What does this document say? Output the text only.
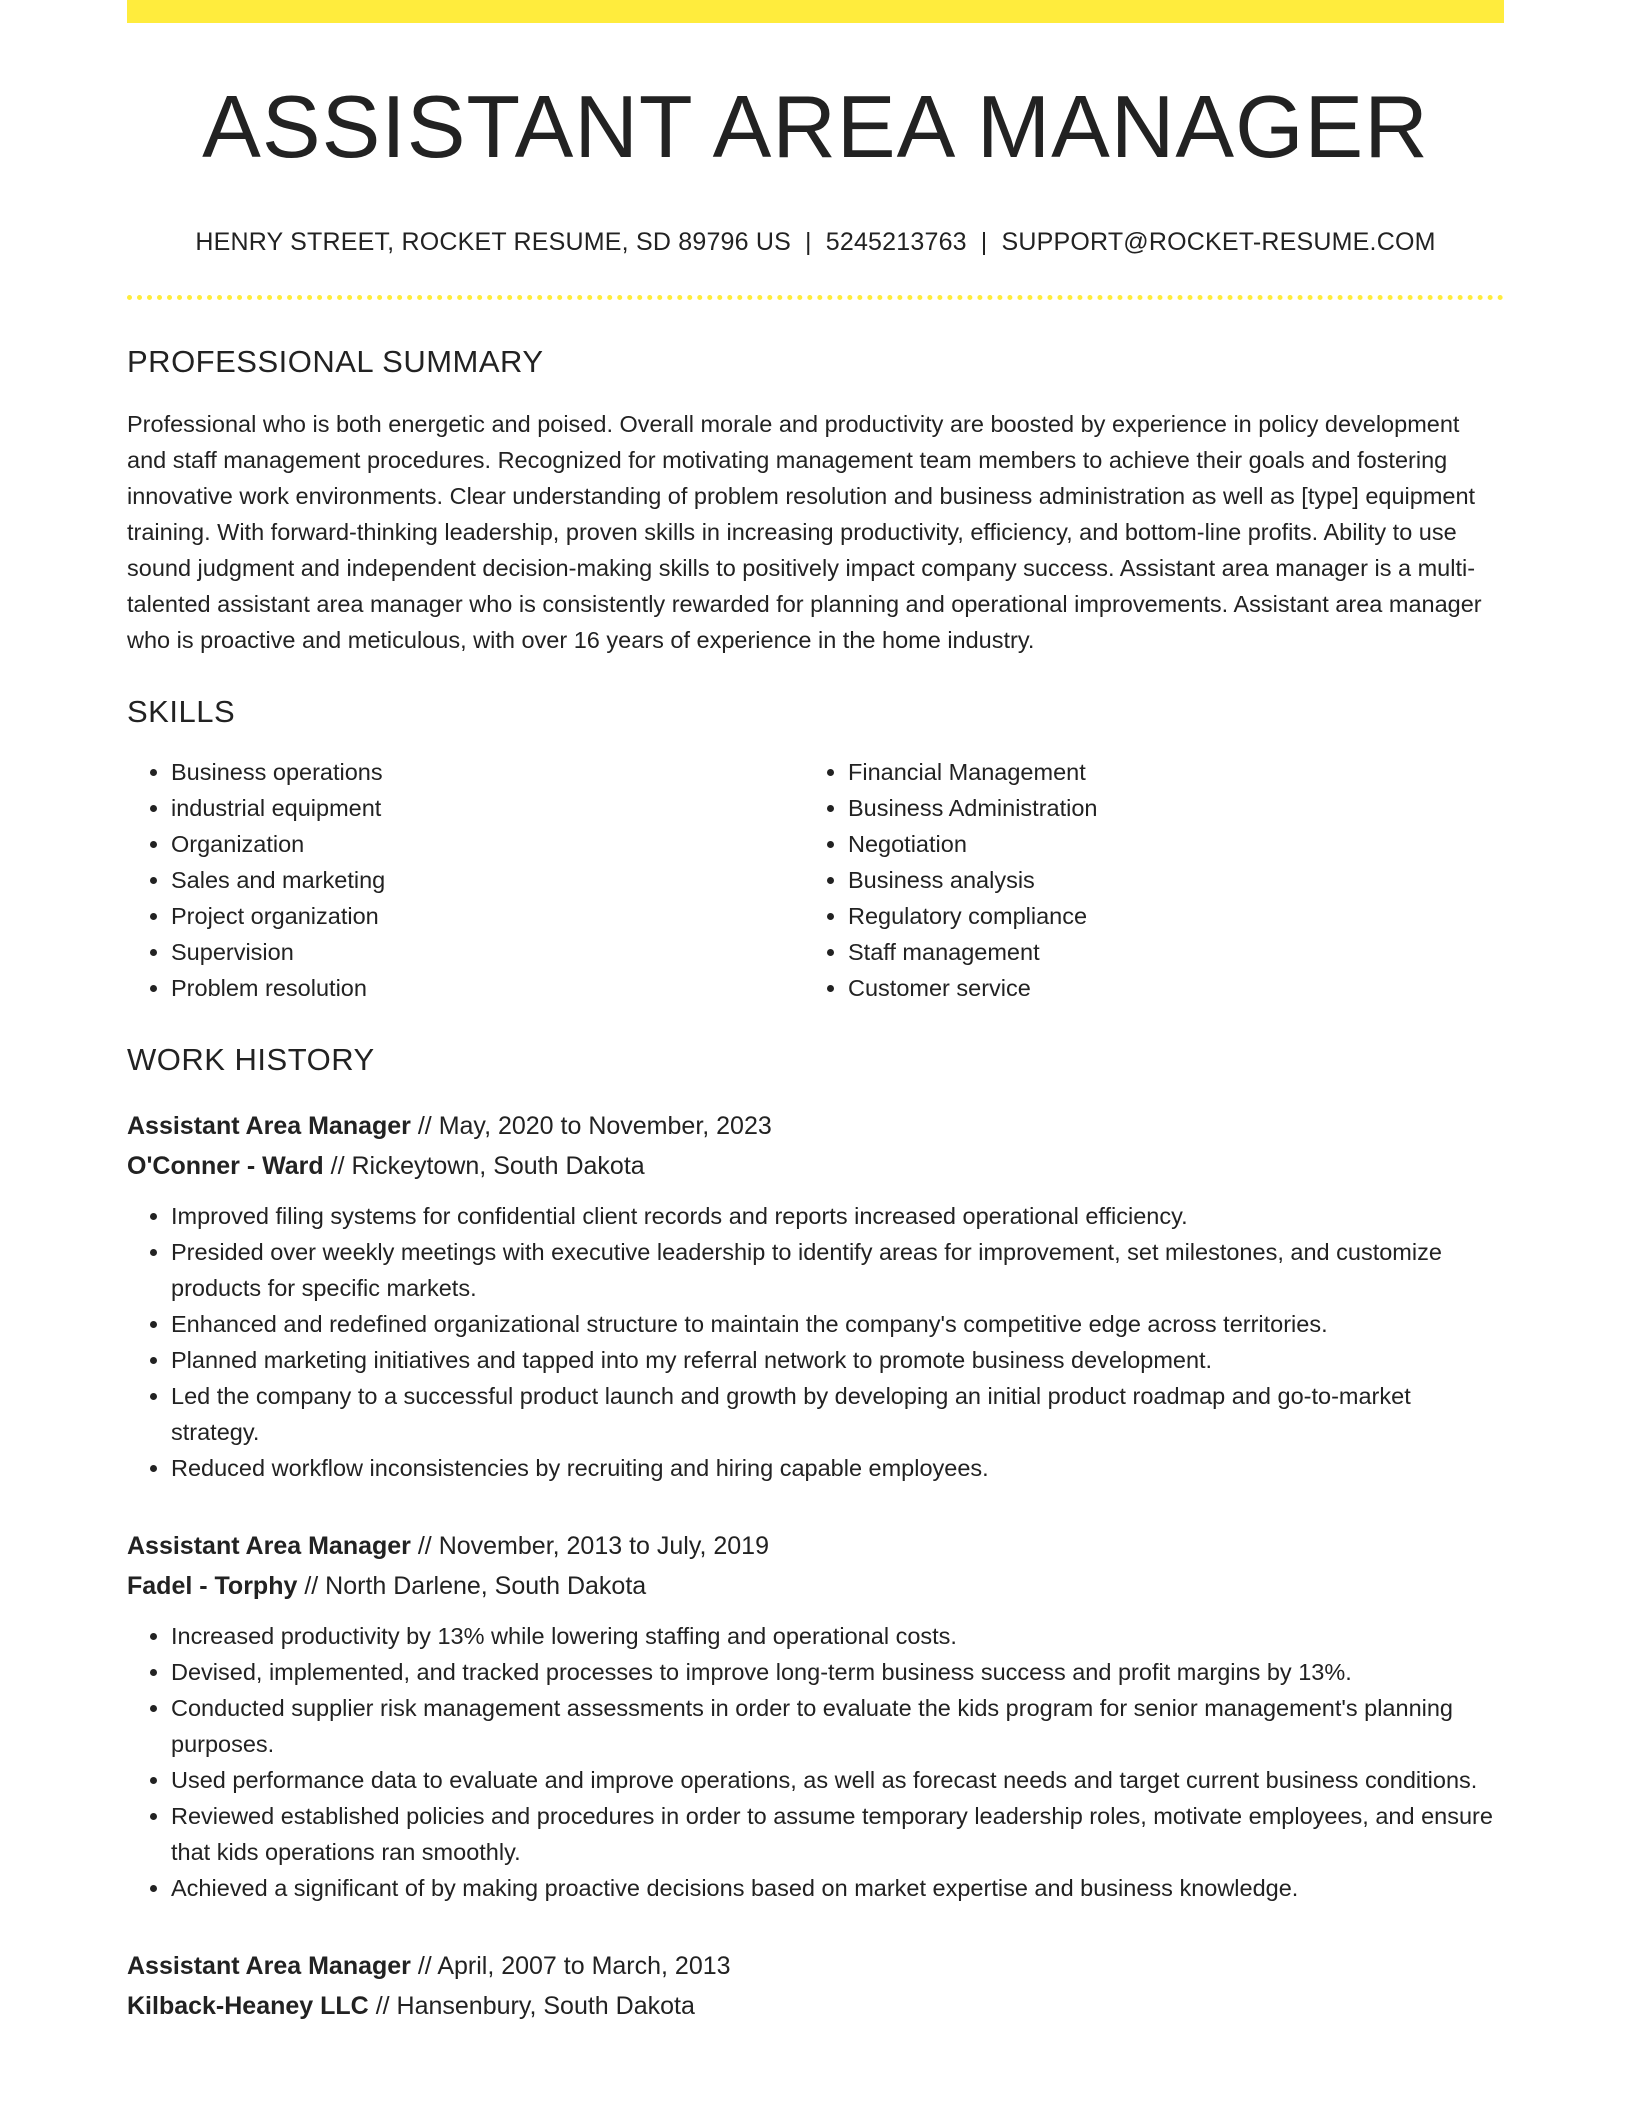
ASSISTANT AREA MANAGER
HENRY STREET, ROCKET RESUME, SD 89796 US | 5245213763 | SUPPORT@ROCKET-RESUME.COM
PROFESSIONAL SUMMARY
Professional who is both energetic and poised. Overall morale and productivity are boosted by experience in policy development and staff management procedures. Recognized for motivating management team members to achieve their goals and fostering innovative work environments. Clear understanding of problem resolution and business administration as well as [type] equipment training. With forward-thinking leadership, proven skills in increasing productivity, efficiency, and bottom-line profits. Ability to use sound judgment and independent decision-making skills to positively impact company success. Assistant area manager is a multi-talented assistant area manager who is consistently rewarded for planning and operational improvements. Assistant area manager who is proactive and meticulous, with over 16 years of experience in the home industry.
SKILLS
• Business operations
• industrial equipment
• Organization
• Sales and marketing
• Project organization
• Supervision
• Problem resolution
• Financial Management
• Business Administration
• Negotiation
• Business analysis
• Regulatory compliance
• Staff management
• Customer service
WORK HISTORY
Assistant Area Manager // May, 2020 to November, 2023
O'Conner - Ward // Rickeytown, South Dakota
• Improved filing systems for confidential client records and reports increased operational efficiency.
• Presided over weekly meetings with executive leadership to identify areas for improvement, set milestones, and customize products for specific markets.
• Enhanced and redefined organizational structure to maintain the company's competitive edge across territories.
• Planned marketing initiatives and tapped into my referral network to promote business development.
• Led the company to a successful product launch and growth by developing an initial product roadmap and go-to-market strategy.
• Reduced workflow inconsistencies by recruiting and hiring capable employees.
Assistant Area Manager // November, 2013 to July, 2019
Fadel - Torphy // North Darlene, South Dakota
• Increased productivity by 13% while lowering staffing and operational costs.
• Devised, implemented, and tracked processes to improve long-term business success and profit margins by 13%.
• Conducted supplier risk management assessments in order to evaluate the kids program for senior management's planning purposes.
• Used performance data to evaluate and improve operations, as well as forecast needs and target current business conditions.
• Reviewed established policies and procedures in order to assume temporary leadership roles, motivate employees, and ensure that kids operations ran smoothly.
• Achieved a significant of by making proactive decisions based on market expertise and business knowledge.
Assistant Area Manager // April, 2007 to March, 2013
Kilback-Heaney LLC // Hansenbury, South Dakota
